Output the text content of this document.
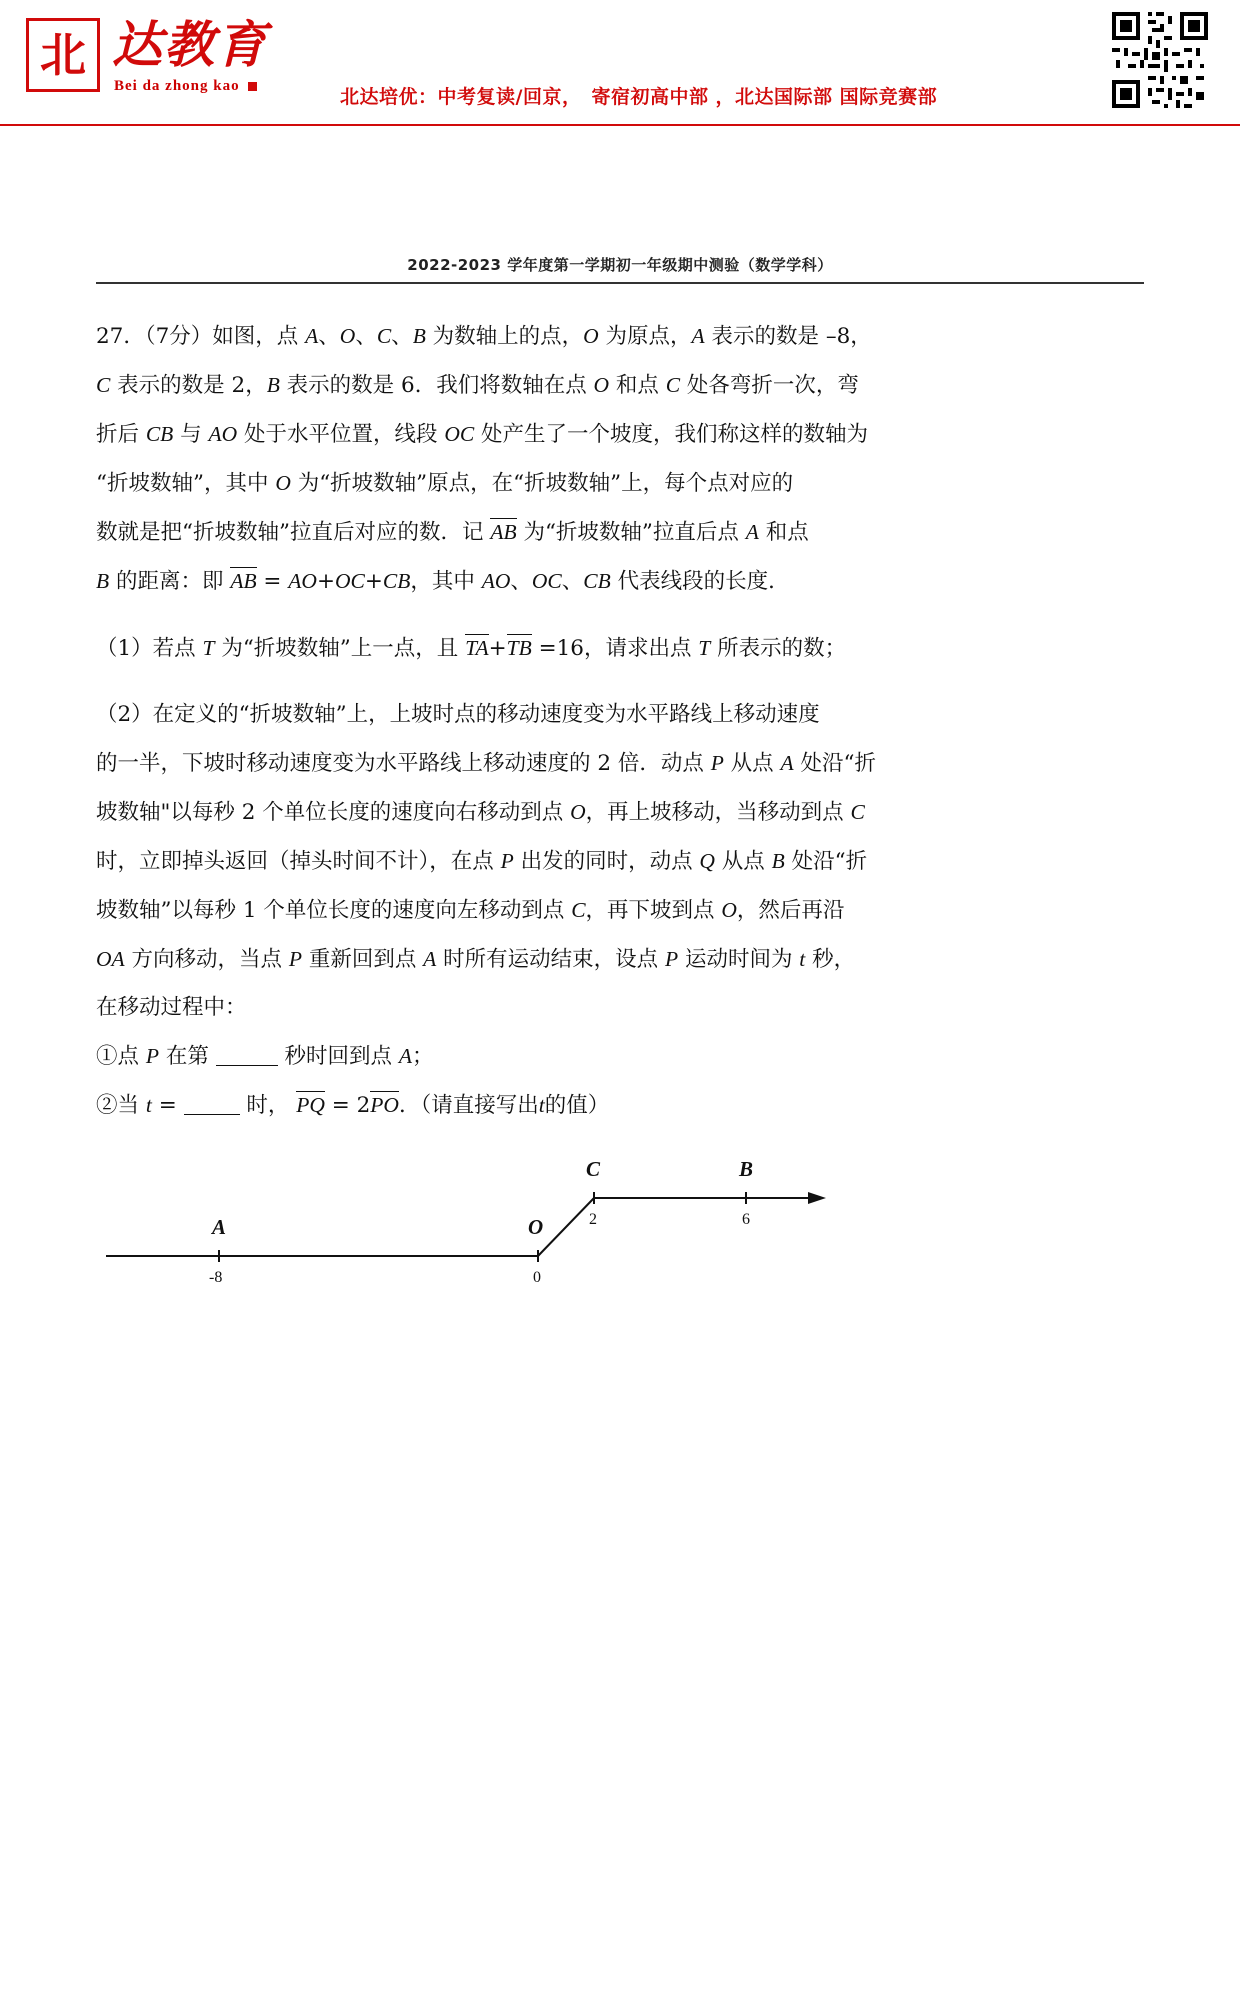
北 达教育
Bei da zhong kao	北达培优：中考复读/回京，　寄宿初高中部 ，北达国际部 国际竞赛部
2022-2023 学年度第一学期初一年级期中测验（数学学科）

27．（7分）如图，点 A、O、C、B 为数轴上的点，O 为原点，A 表示的数是 –8，

C 表示的数是 2，B 表示的数是 6．我们将数轴在点 O 和点 C 处各弯折一次，弯

折后 CB 与 AO 处于水平位置，线段 OC 处产生了一个坡度，我们称这样的数轴为

“折坡数轴”，其中 O 为“折坡数轴”原点，在“折坡数轴”上，每个点对应的

数就是把“折坡数轴”拉直后对应的数．记 AB 为“折坡数轴”拉直后点 A 和点

B 的距离：即 AB = AO+OC+CB，其中 AO、OC、CB 代表线段的长度．

（1）若点 T 为“折坡数轴”上一点，且 TA+TB =16，请求出点 T 所表示的数；

（2）在定义的“折坡数轴”上，上坡时点的移动速度变为水平路线上移动速度

的一半，下坡时移动速度变为水平路线上移动速度的 2 倍．动点 P 从点 A 处沿“折

坡数轴"以每秒 2 个单位长度的速度向右移动到点 O，再上坡移动，当移动到点 C

时，立即掉头返回（掉头时间不计），在点 P 出发的同时，动点 Q 从点 B 处沿“折

坡数轴”以每秒 1 个单位长度的速度向左移动到点 C，再下坡到点 O，然后再沿

OA 方向移动，当点 P 重新回到点 A 时所有运动结束，设点 P 运动时间为 t 秒，

在移动过程中：

①点 P 在第	秒时回到点 A；

②当 t =	时， PQ = 2PO．（请直接写出t的值）

A	O
C	B
-8	0
2	6
